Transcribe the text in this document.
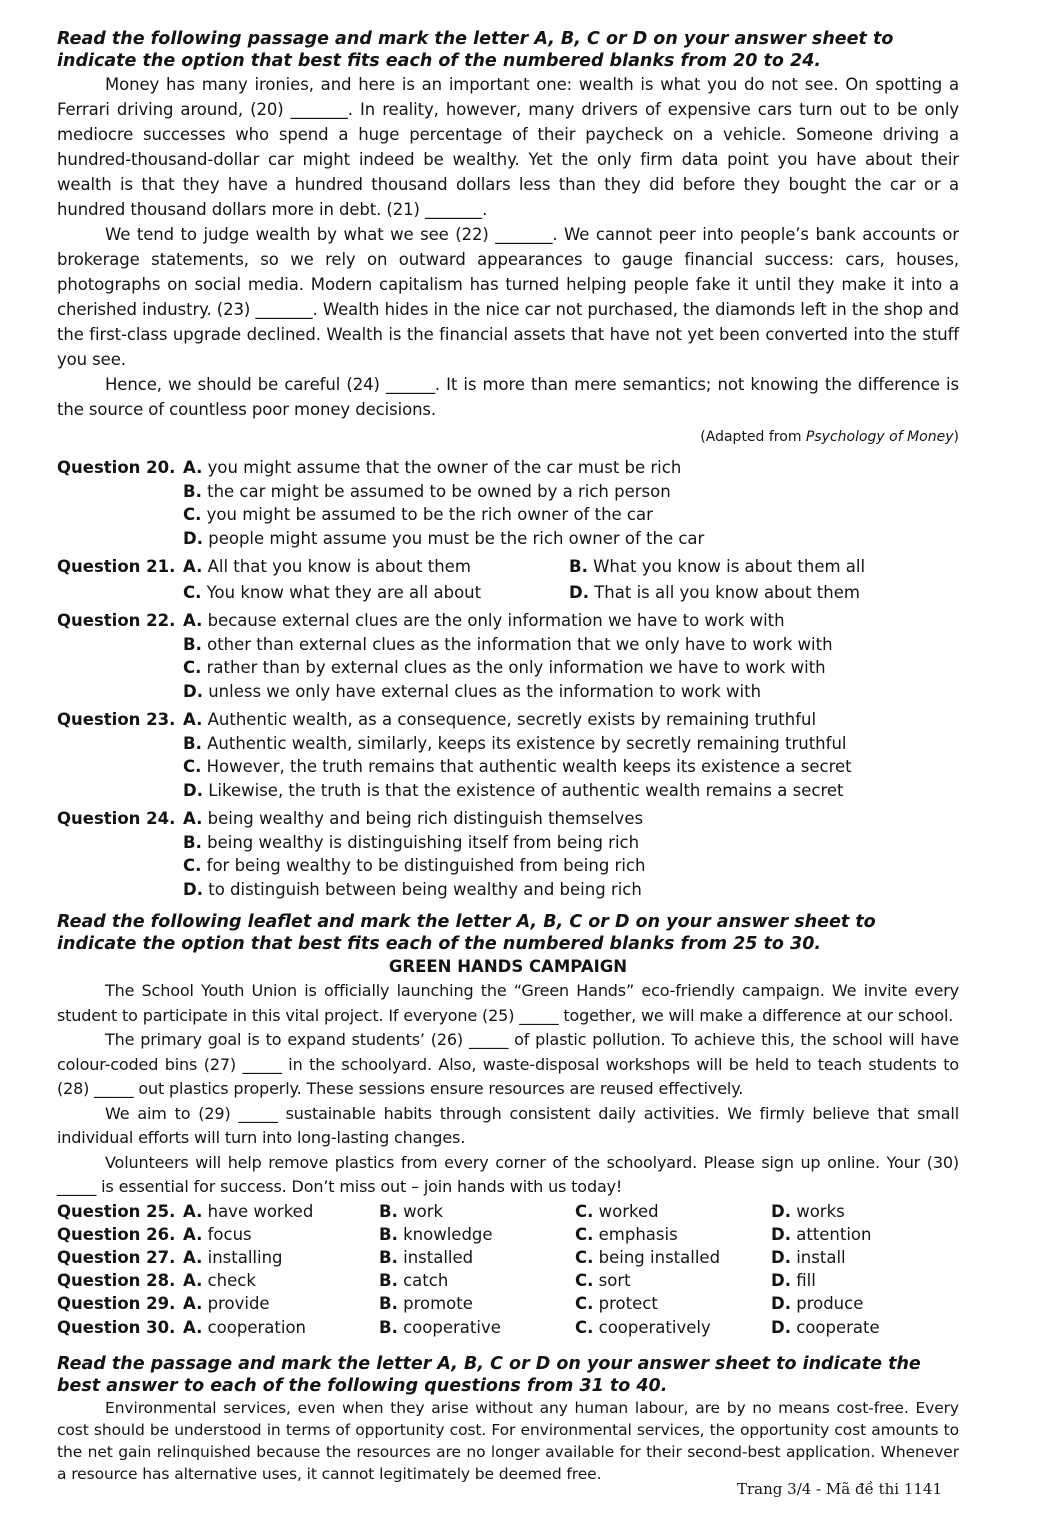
Read the following passage and mark the letter A, B, C or D on your answer sheet to indicate the option that best fits each of the numbered blanks from 20 to 24.

Money has many ironies, and here is an important one: wealth is what you do not see. On spotting a Ferrari driving around, (20) _______. In reality, however, many drivers of expensive cars turn out to be only mediocre successes who spend a huge percentage of their paycheck on a vehicle. Someone driving a hundred-thousand-dollar car might indeed be wealthy. Yet the only firm data point you have about their wealth is that they have a hundred thousand dollars less than they did before they bought the car or a hundred thousand dollars more in debt. (21) _______.

We tend to judge wealth by what we see (22) _______. We cannot peer into people’s bank accounts or brokerage statements, so we rely on outward appearances to gauge financial success: cars, houses, photographs on social media. Modern capitalism has turned helping people fake it until they make it into a cherished industry. (23) _______. Wealth hides in the nice car not purchased, the diamonds left in the shop and the first-class upgrade declined. Wealth is the financial assets that have not yet been converted into the stuff you see.

Hence, we should be careful (24) ______. It is more than mere semantics; not knowing the difference is the source of countless poor money decisions.

(Adapted from Psychology of Money)

Question 20. A. you might assume that the owner of the car must be rich
B. the car might be assumed to be owned by a rich person
C. you might be assumed to be the rich owner of the car
D. people might assume you must be the rich owner of the car
Question 21. A. All that you know is about them	B. What you know is about them all
C. You know what they are all about	D. That is all you know about them
Question 22. A. because external clues are the only information we have to work with
B. other than external clues as the information that we only have to work with
C. rather than by external clues as the only information we have to work with
D. unless we only have external clues as the information to work with
Question 23. A. Authentic wealth, as a consequence, secretly exists by remaining truthful
B. Authentic wealth, similarly, keeps its existence by secretly remaining truthful
C. However, the truth remains that authentic wealth keeps its existence a secret
D. Likewise, the truth is that the existence of authentic wealth remains a secret
Question 24. A. being wealthy and being rich distinguish themselves
B. being wealthy is distinguishing itself from being rich
C. for being wealthy to be distinguished from being rich
D. to distinguish between being wealthy and being rich

Read the following leaflet and mark the letter A, B, C or D on your answer sheet to indicate the option that best fits each of the numbered blanks from 25 to 30.

GREEN HANDS CAMPAIGN

The School Youth Union is officially launching the “Green Hands” eco-friendly campaign. We invite every student to participate in this vital project. If everyone (25) _____ together, we will make a difference at our school.

The primary goal is to expand students’ (26) _____ of plastic pollution. To achieve this, the school will have colour-coded bins (27) _____ in the schoolyard. Also, waste-disposal workshops will be held to teach students to (28) _____ out plastics properly. These sessions ensure resources are reused effectively.

We aim to (29) _____ sustainable habits through consistent daily activities. We firmly believe that small individual efforts will turn into long-lasting changes.

Volunteers will help remove plastics from every corner of the schoolyard. Please sign up online. Your (30) _____ is essential for success. Don’t miss out – join hands with us today!

Question 25. A. have worked	B. work	C. worked	D. works
Question 26. A. focus	B. knowledge	C. emphasis	D. attention
Question 27. A. installing	B. installed	C. being installed	D. install
Question 28. A. check	B. catch	C. sort	D. fill
Question 29. A. provide	B. promote	C. protect	D. produce
Question 30. A. cooperation	B. cooperative	C. cooperatively	D. cooperate

Read the passage and mark the letter A, B, C or D on your answer sheet to indicate the best answer to each of the following questions from 31 to 40.

Environmental services, even when they arise without any human labour, are by no means cost-free. Every cost should be understood in terms of opportunity cost. For environmental services, the opportunity cost amounts to the net gain relinquished because the resources are no longer available for their second-best application. Whenever a resource has alternative uses, it cannot legitimately be deemed free.

Trang 3/4 - Mã đề thi 1141
